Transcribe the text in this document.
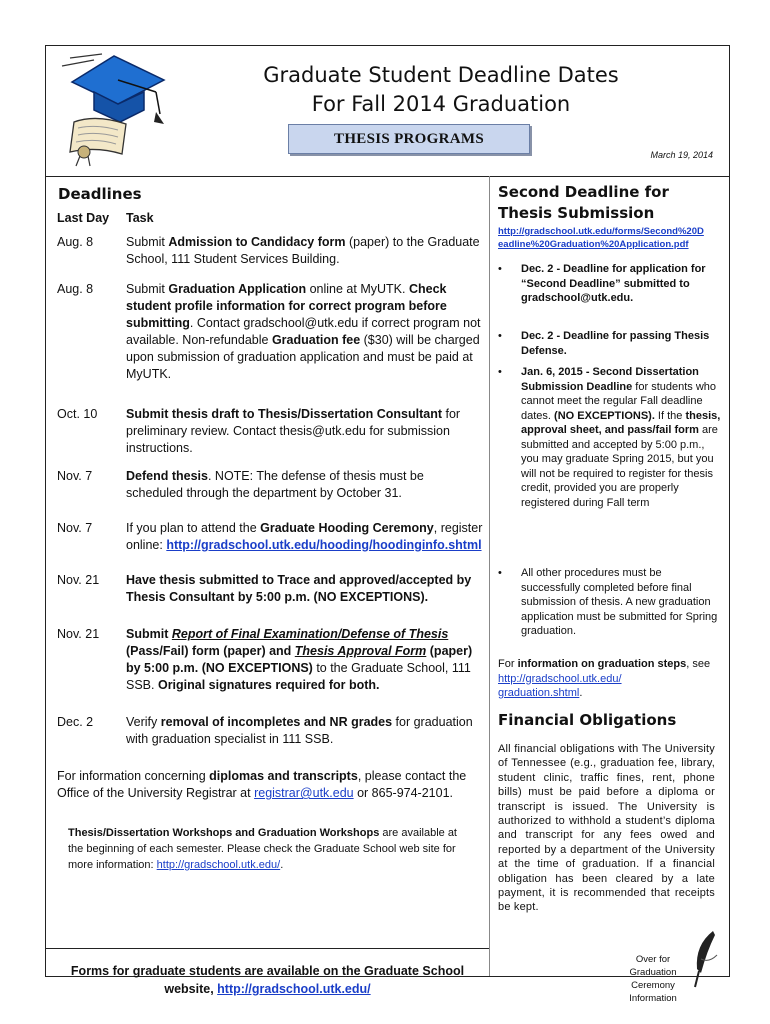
Graduate Student Deadline Dates
For Fall 2014 Graduation
THESIS PROGRAMS
March 19, 2014
Deadlines
Last Day Task
Aug. 8	Submit Admission to Candidacy form (paper) to the Graduate School, 111 Student Services Building.
Aug. 8	Submit Graduation Application online at MyUTK. Check student profile information for correct program before submitting. Contact gradschool@utk.edu if correct program not available. Non-refundable Graduation fee ($30) will be charged upon submission of graduation application and must be paid at MyUTK.
Oct. 10	Submit thesis draft to Thesis/Dissertation Consultant for preliminary review. Contact thesis@utk.edu for submission instructions.
Nov. 7	Defend thesis. NOTE: The defense of thesis must be scheduled through the department by October 31.
Nov. 7	If you plan to attend the Graduate Hooding Ceremony, register online: http://gradschool.utk.edu/hooding/hoodinginfo.shtml
Nov. 21	Have thesis submitted to Trace and approved/accepted by Thesis Consultant by 5:00 p.m. (NO EXCEPTIONS).
Nov. 21	Submit Report of Final Examination/Defense of Thesis (Pass/Fail) form (paper) and Thesis Approval Form (paper) by 5:00 p.m. (NO EXCEPTIONS) to the Graduate School, 111 SSB. Original signatures required for both.
Dec. 2	Verify removal of incompletes and NR grades for graduation with graduation specialist in 111 SSB.
For information concerning diplomas and transcripts, please contact the Office of the University Registrar at registrar@utk.edu or 865-974-2101.
Thesis/Dissertation Workshops and Graduation Workshops are available at the beginning of each semester. Please check the Graduate School web site for more information: http://gradschool.utk.edu/.
Forms for graduate students are available on the Graduate School website, http://gradschool.utk.edu/
Second Deadline for
Thesis Submission
http://gradschool.utk.edu/forms/Second%20D
eadline%20Graduation%20Application.pdf
• Dec. 2 - Deadline for application for “Second Deadline” submitted to gradschool@utk.edu.
• Dec. 2 - Deadline for passing Thesis Defense.
• Jan. 6, 2015 - Second Dissertation Submission Deadline for students who cannot meet the regular Fall deadline dates. (NO EXCEPTIONS). If the thesis, approval sheet, and pass/fail form are submitted and accepted by 5:00 p.m., you may graduate Spring 2015, but you will not be required to register for thesis credit, provided you are properly registered during Fall term
• All other procedures must be successfully completed before final submission of thesis. A new graduation application must be submitted for Spring graduation.
For information on graduation steps, see http://gradschool.utk.edu/
graduation.shtml.
Financial Obligations
All financial obligations with The University of Tennessee (e.g., graduation fee, library, student clinic, traffic fines, rent, phone bills) must be paid before a diploma or transcript is issued. The University is authorized to withhold a student’s diploma and transcript for any fees owed and reported by a department of the University at the time of graduation. If a financial obligation has been cleared by a late payment, it is recommended that receipts be kept.
Over for Graduation Ceremony Information
